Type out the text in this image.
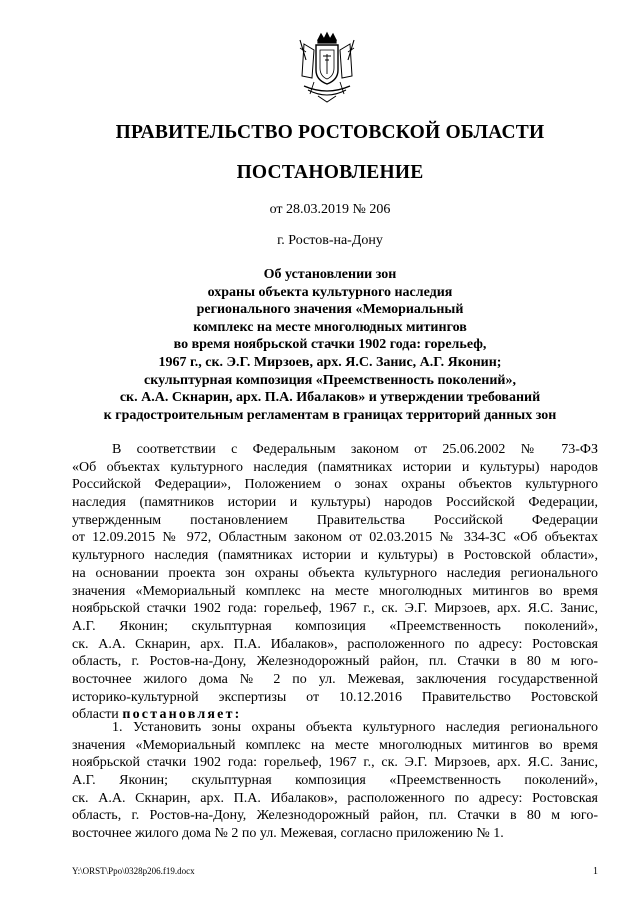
ПРАВИТЕЛЬСТВО РОСТОВСКОЙ ОБЛАСТИ
ПОСТАНОВЛЕНИЕ
от 28.03.2019 № 206
г. Ростов-на-Дону
Об установлении зон
охраны объекта культурного наследия
регионального значения «Мемориальный
комплекс на месте многолюдных митингов
во время ноябрьской стачки 1902 года: горельеф,
1967 г., ск. Э.Г. Мирзоев, арх. Я.С. Занис, А.Г. Яконин;
скульптурная композиция «Преемственность поколений»,
ск. А.А. Скнарин, арх. П.А. Ибалаков» и утверждении требований
к градостроительным регламентам в границах территорий данных зон
В соответствии с Федеральным законом от 25.06.2002 № 73-ФЗ
«Об объектах культурного наследия (памятниках истории и культуры) народов
Российской Федерации», Положением о зонах охраны объектов культурного
наследия (памятников истории и культуры) народов Российской Федерации,
утвержденным постановлением Правительства Российской Федерации
от 12.09.2015 № 972, Областным законом от 02.03.2015 № 334-ЗС «Об объектах
культурного наследия (памятниках истории и культуры) в Ростовской области»,
на основании проекта зон охраны объекта культурного наследия регионального
значения «Мемориальный комплекс на месте многолюдных митингов во время
ноябрьской стачки 1902 года: горельеф, 1967 г., ск. Э.Г. Мирзоев, арх. Я.С. Занис,
А.Г. Яконин; скульптурная композиция «Преемственность поколений»,
ск. А.А. Скнарин, арх. П.А. Ибалаков», расположенного по адресу: Ростовская
область, г. Ростов-на-Дону, Железнодорожный район, пл. Стачки в 80 м юго-
восточнее жилого дома № 2 по ул. Межевая, заключения государственной
историко-культурной экспертизы от 10.12.2016 Правительство Ростовской
области постановляет:
1. Установить зоны охраны объекта культурного наследия регионального
значения «Мемориальный комплекс на месте многолюдных митингов во время
ноябрьской стачки 1902 года: горельеф, 1967 г., ск. Э.Г. Мирзоев, арх. Я.С. Занис,
А.Г. Яконин; скульптурная композиция «Преемственность поколений»,
ск. А.А. Скнарин, арх. П.А. Ибалаков», расположенного по адресу: Ростовская
область, г. Ростов-на-Дону, Железнодорожный район, пл. Стачки в 80 м юго-
восточнее жилого дома № 2 по ул. Межевая, согласно приложению № 1.
Y:\ORST\Ppo\0328p206.f19.docx	1
